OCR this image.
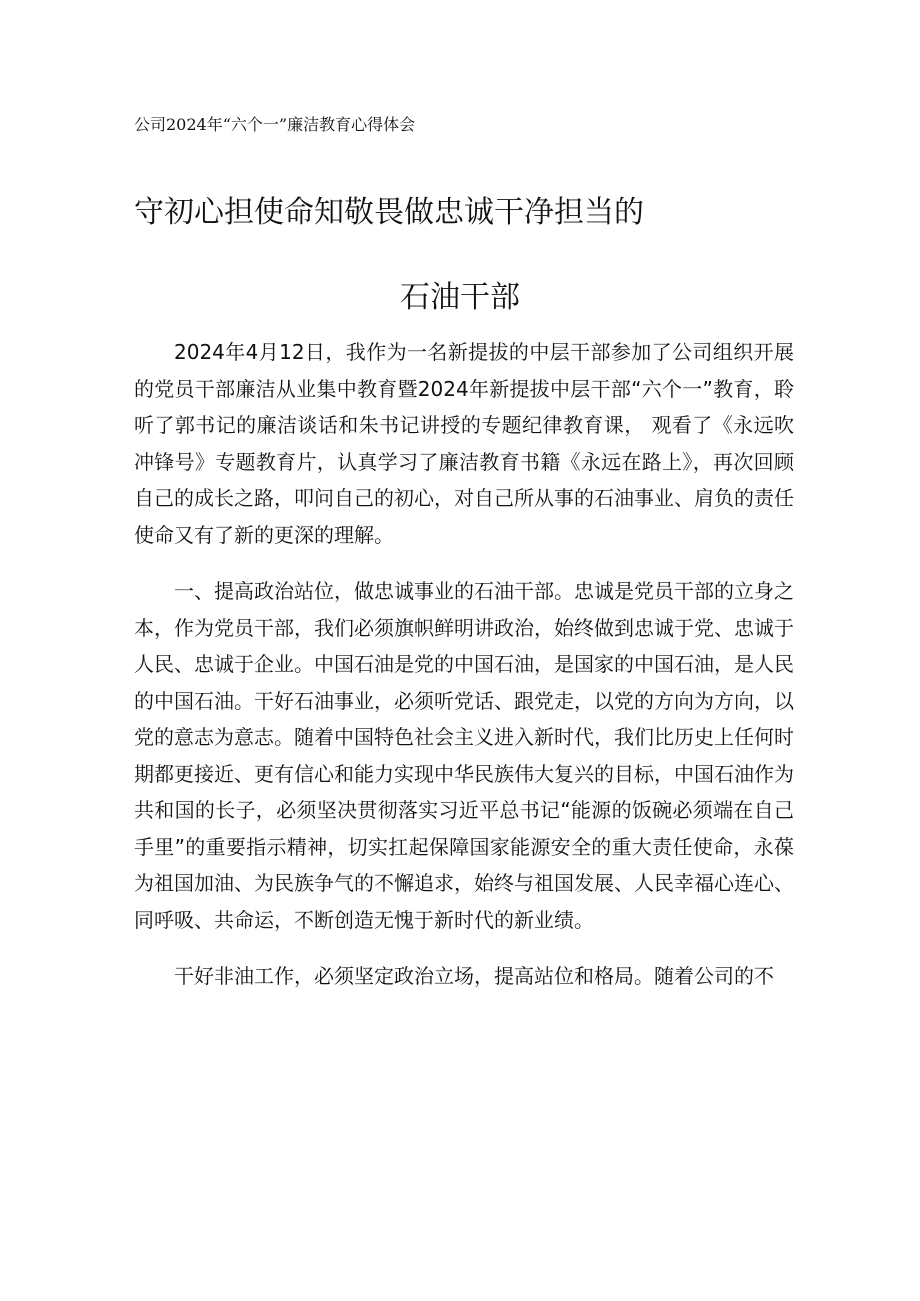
公司2024年“六个一”廉洁教育心得体会
守初心担使命知敬畏做忠诚干净担当的
石油干部

2024年4月12日，我作为一名新提拔的中层干部参加了公司组织开展的党员干部廉洁从业集中教育暨2024年新提拔中层干部“六个一”教育，聆听了郭书记的廉洁谈话和朱书记讲授的专题纪律教育课， 观看了《永远吹冲锋号》专题教育片，认真学习了廉洁教育书籍《永远在路上》，再次回顾自己的成长之路，叩问自己的初心，对自己所从事的石油事业、肩负的责任使命又有了新的更深的理解。

一、提高政治站位，做忠诚事业的石油干部。忠诚是党员干部的立身之本，作为党员干部，我们必须旗帜鲜明讲政治，始终做到忠诚于党、忠诚于人民、忠诚于企业。中国石油是党的中国石油，是国家的中国石油，是人民的中国石油。干好石油事业，必须听党话、跟党走，以党的方向为方向，以党的意志为意志。随着中国特色社会主义进入新时代，我们比历史上任何时期都更接近、更有信心和能力实现中华民族伟大复兴的目标，中国石油作为共和国的长子，必须坚决贯彻落实习近平总书记“能源的饭碗必须端在自己手里”的重要指示精神，切实扛起保障国家能源安全的重大责任使命，永葆为祖国加油、为民族争气的不懈追求，始终与祖国发展、人民幸福心连心、同呼吸、共命运，不断创造无愧于新时代的新业绩。

干好非油工作，必须坚定政治立场，提高站位和格局。随着公司的不
